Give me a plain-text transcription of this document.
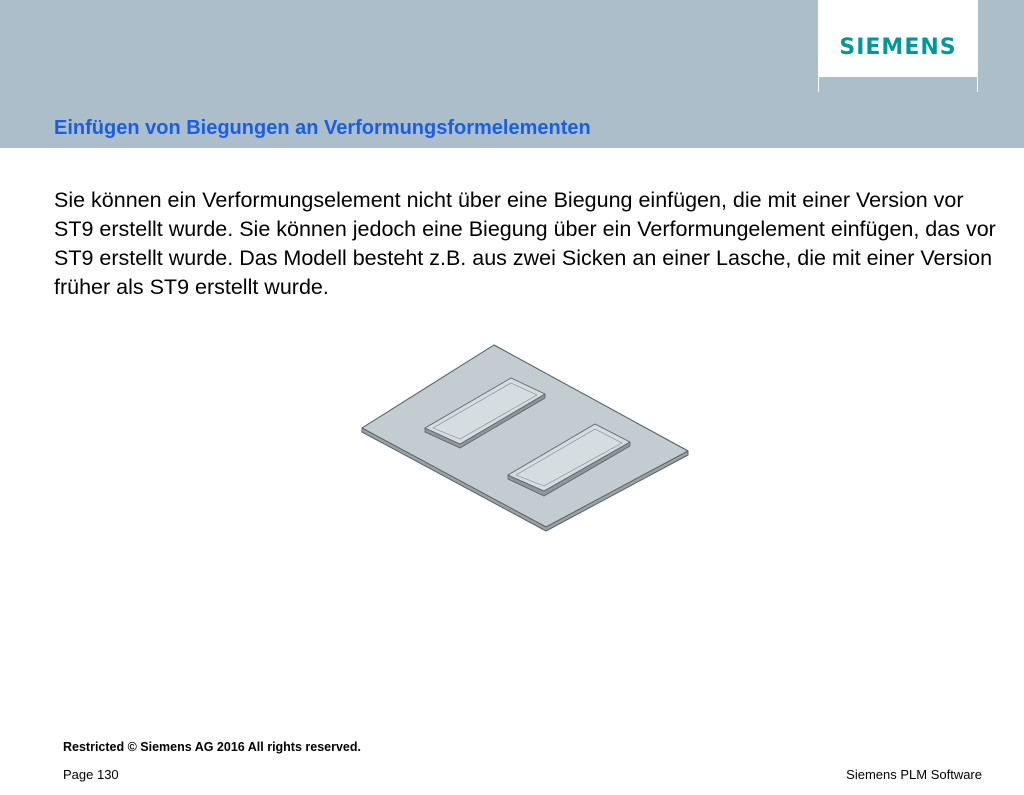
SIEMENS
Einfügen von Biegungen an Verformungsformelementen

Sie können ein Verformungselement nicht über eine Biegung einfügen, die mit einer Version vor ST9 erstellt wurde. Sie können jedoch eine Biegung über ein Verformungelement einfügen, das vor ST9 erstellt wurde. Das Modell besteht z.B. aus zwei Sicken an einer Lasche, die mit einer Version früher als ST9 erstellt wurde.

Restricted © Siemens AG 2016 All rights reserved.
Page 130	Siemens PLM Software
